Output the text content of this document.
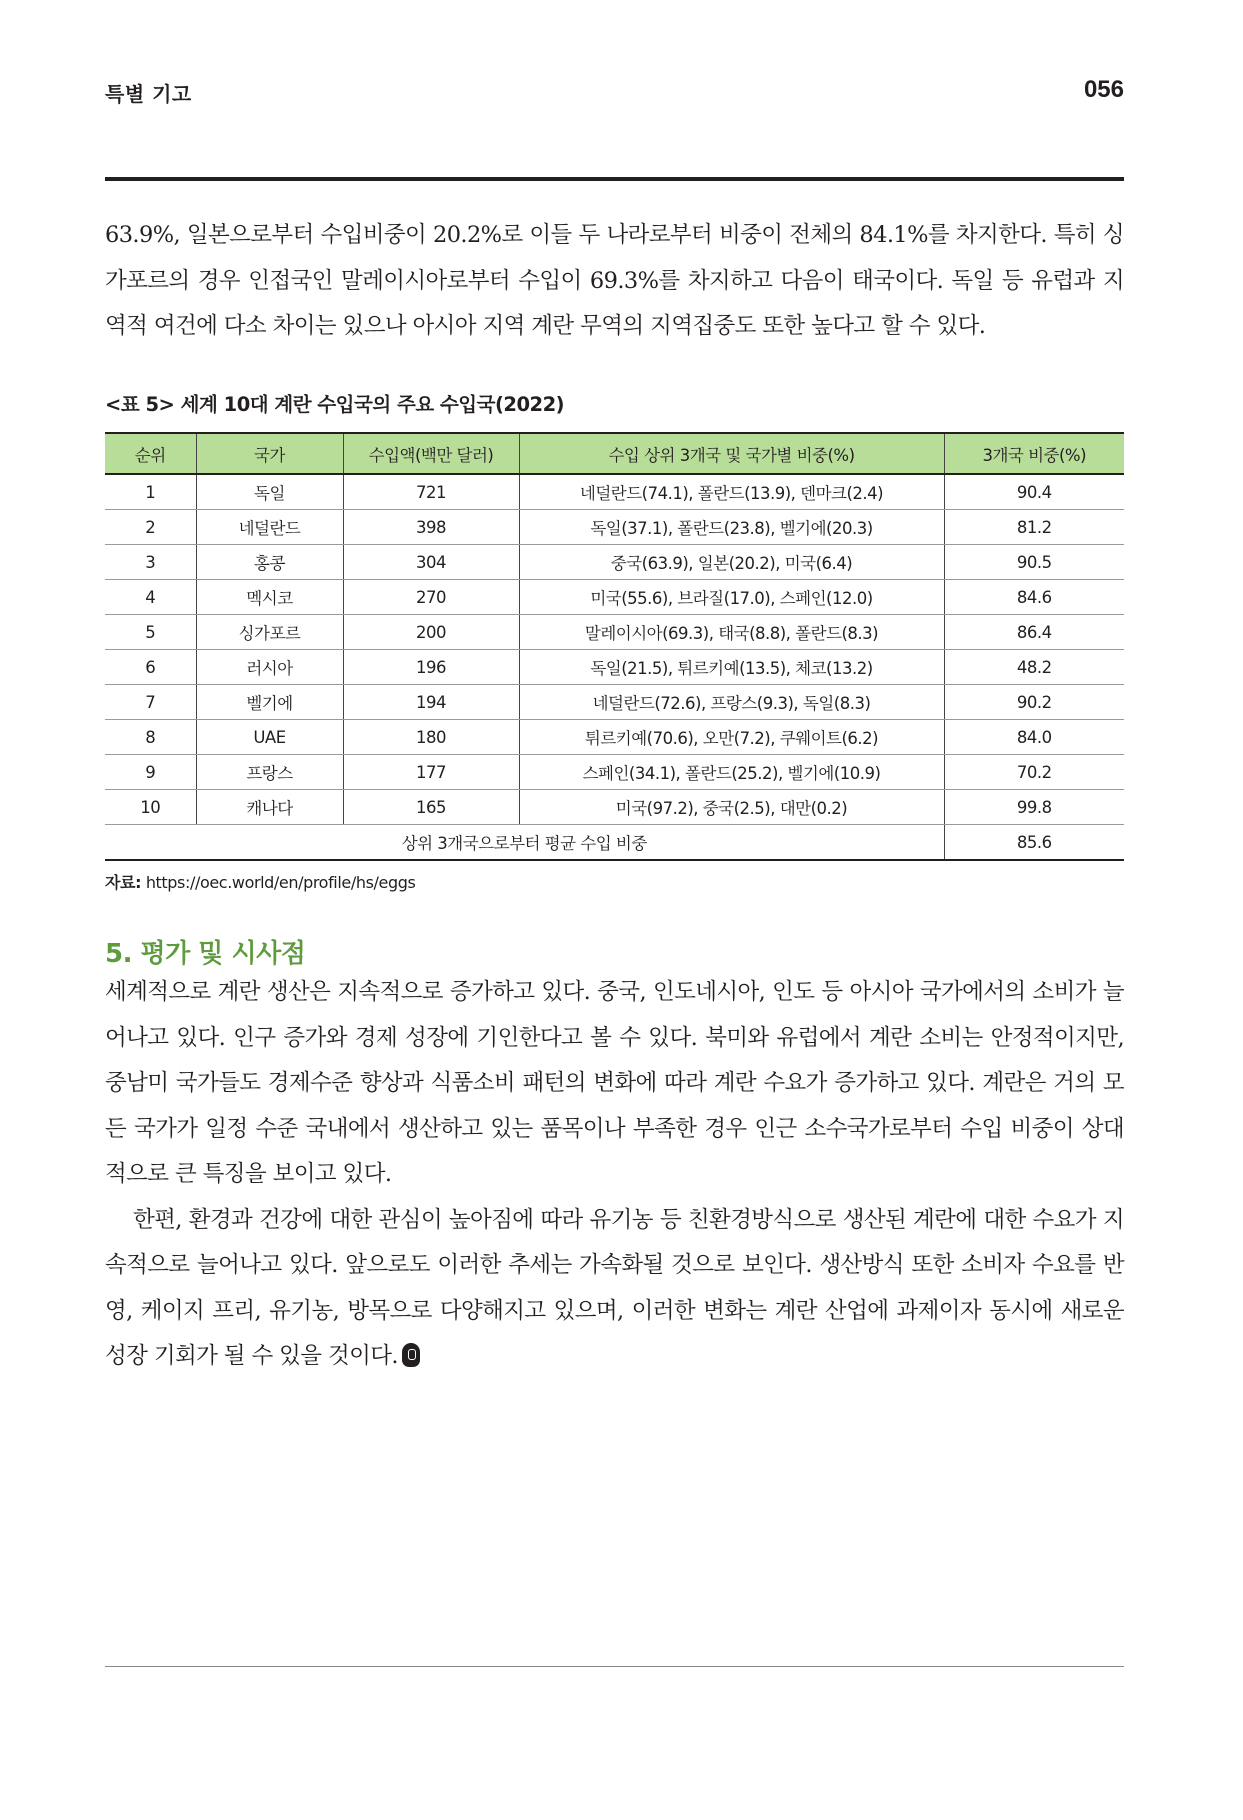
특별 기고	056

63.9%, 일본으로부터 수입비중이 20.2%로 이들 두 나라로부터 비중이 전체의 84.1%를 차지한다. 특히 싱가포르의 경우 인접국인 말레이시아로부터 수입이 69.3%를 차지하고 다음이 태국이다. 독일 등 유럽과 지역적 여건에 다소 차이는 있으나 아시아 지역 계란 무역의 지역집중도 또한 높다고 할 수 있다.

<표 5> 세계 10대 계란 수입국의 주요 수입국(2022)
순위	국가	수입액(백만 달러)	수입 상위 3개국 및 국가별 비중(%)	3개국 비중(%)
1	독일	721	네덜란드(74.1), 폴란드(13.9), 덴마크(2.4)	90.4
2	네덜란드	398	독일(37.1), 폴란드(23.8), 벨기에(20.3)	81.2
3	홍콩	304	중국(63.9), 일본(20.2), 미국(6.4)	90.5
4	멕시코	270	미국(55.6), 브라질(17.0), 스페인(12.0)	84.6
5	싱가포르	200	말레이시아(69.3), 태국(8.8), 폴란드(8.3)	86.4
6	러시아	196	독일(21.5), 튀르키예(13.5), 체코(13.2)	48.2
7	벨기에	194	네덜란드(72.6), 프랑스(9.3), 독일(8.3)	90.2
8	UAE	180	튀르키예(70.6), 오만(7.2), 쿠웨이트(6.2)	84.0
9	프랑스	177	스페인(34.1), 폴란드(25.2), 벨기에(10.9)	70.2
10	캐나다	165	미국(97.2), 중국(2.5), 대만(0.2)	99.8
상위 3개국으로부터 평균 수입 비중				85.6
자료: https://oec.world/en/profile/hs/eggs
5. 평가 및 시사점

세계적으로 계란 생산은 지속적으로 증가하고 있다. 중국, 인도네시아, 인도 등 아시아 국가에서의 소비가 늘어나고 있다. 인구 증가와 경제 성장에 기인한다고 볼 수 있다. 북미와 유럽에서 계란 소비는 안정적이지만, 중남미 국가들도 경제수준 향상과 식품소비 패턴의 변화에 따라 계란 수요가 증가하고 있다. 계란은 거의 모든 국가가 일정 수준 국내에서 생산하고 있는 품목이나 부족한 경우 인근 소수국가로부터 수입 비중이 상대적으로 큰 특징을 보이고 있다.

한편, 환경과 건강에 대한 관심이 높아짐에 따라 유기농 등 친환경방식으로 생산된 계란에 대한 수요가 지속적으로 늘어나고 있다. 앞으로도 이러한 추세는 가속화될 것으로 보인다. 생산방식 또한 소비자 수요를 반영, 케이지 프리, 유기농, 방목으로 다양해지고 있으며, 이러한 변화는 계란 산업에 과제이자 동시에 새로운 성장 기회가 될 수 있을 것이다.
